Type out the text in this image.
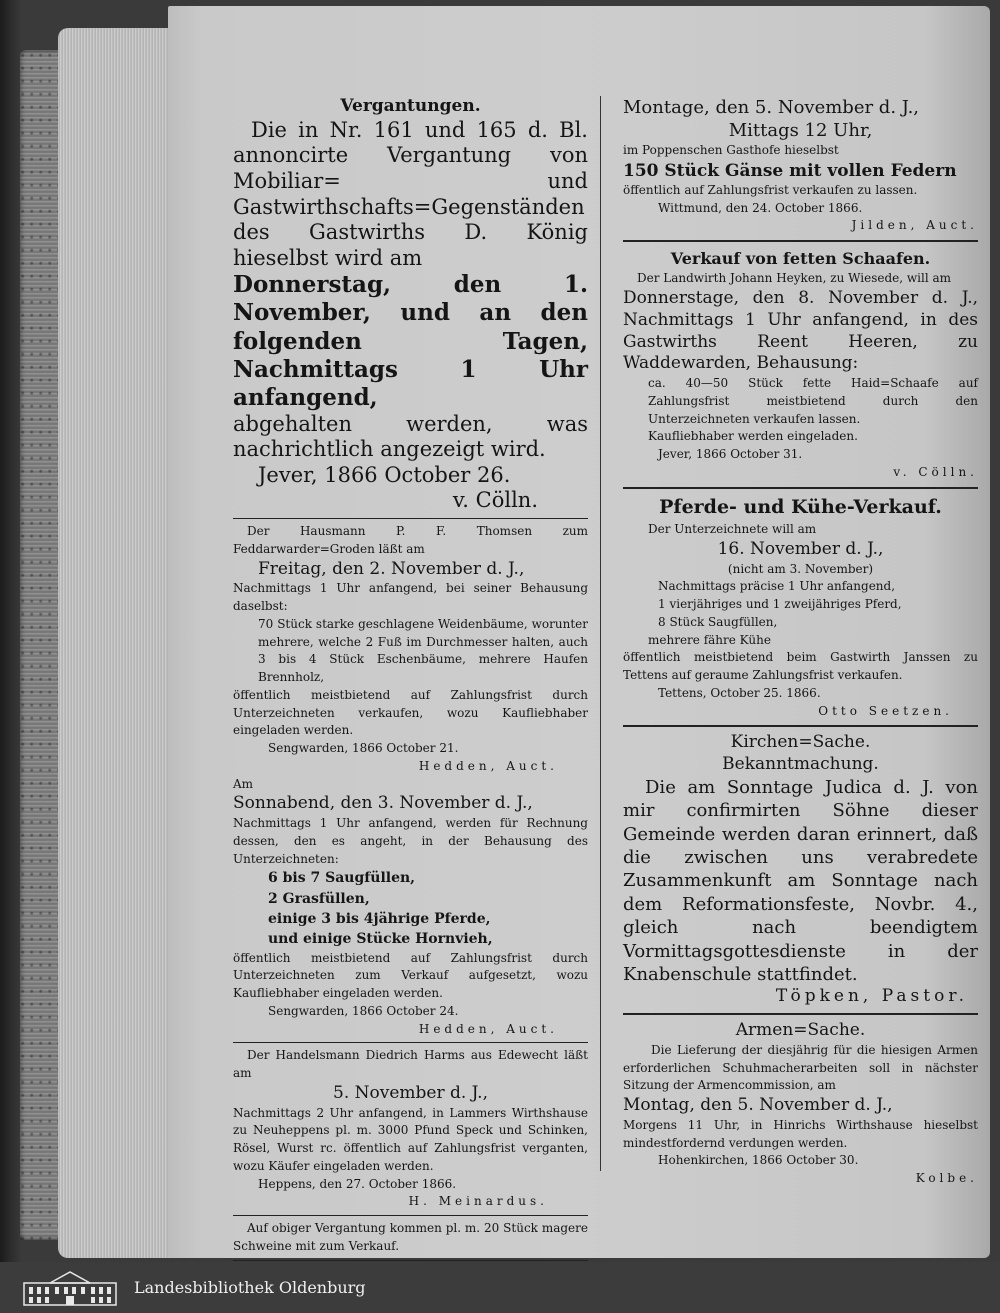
Vergantungen.

Die in Nr. 161 und 165 d. Bl. annoncirte Vergantung von Mobiliar= und Gastwirthschafts=Gegenständen des Gastwirths D. König hieselbst wird am

Donnerstag, den 1. November, und an den folgenden Tagen, Nachmittags 1 Uhr anfangend,

abgehalten werden, was nachrichtlich angezeigt wird.

Jever, 1866 October 26.

v. Cölln.

Der Hausmann P. F. Thomsen zum Feddarwarder=Groden läßt am

Freitag, den 2. November d. J.,

Nachmittags 1 Uhr anfangend, bei seiner Behausung daselbst:

70 Stück starke geschlagene Weidenbäume, worunter mehrere, welche 2 Fuß im Durchmesser halten, auch 3 bis 4 Stück Eschenbäume, mehrere Haufen Brennholz,

öffentlich meistbietend auf Zahlungsfrist durch Unterzeichneten verkaufen, wozu Kaufliebhaber eingeladen werden.

Sengwarden, 1866 October 21.

Hedden, Auct.

Am

Sonnabend, den 3. November d. J.,

Nachmittags 1 Uhr anfangend, werden für Rechnung dessen, den es angeht, in der Behausung des Unterzeichneten:

6 bis 7 Saugfüllen,

2 Grasfüllen,

einige 3 bis 4jährige Pferde,

und einige Stücke Hornvieh,

öffentlich meistbietend auf Zahlungsfrist durch Unterzeichneten zum Verkauf aufgesetzt, wozu Kaufliebhaber eingeladen werden.

Sengwarden, 1866 October 24.

Hedden, Auct.

Der Handelsmann Diedrich Harms aus Edewecht läßt am

5. November d. J.,

Nachmittags 2 Uhr anfangend, in Lammers Wirthshause zu Neuheppens pl. m. 3000 Pfund Speck und Schinken, Rösel, Wurst rc. öffentlich auf Zahlungsfrist verganten, wozu Käufer eingeladen werden.

Heppens, den 27. October 1866.

H. Meinardus.

Auf obiger Vergantung kommen pl. m. 20 Stück magere Schweine mit zum Verkauf.

Montage, den 5. November d. J.,

Mittags 12 Uhr,

im Poppenschen Gasthofe hieselbst

150 Stück Gänse mit vollen Federn

öffentlich auf Zahlungsfrist verkaufen zu lassen.

Wittmund, den 24. October 1866.

Jilden, Auct.

Verkauf von fetten Schaafen.

Der Landwirth Johann Heyken, zu Wiesede, will am

Donnerstage, den 8. November d. J., Nachmittags 1 Uhr anfangend, in des Gastwirths Reent Heeren, zu Waddewarden, Behausung:

ca. 40—50 Stück fette Haid=Schaafe auf Zahlungsfrist meistbietend durch den Unterzeichneten verkaufen lassen.

Kaufliebhaber werden eingeladen.

Jever, 1866 October 31.

v. Cölln.

Pferde- und Kühe-Verkauf.

Der Unterzeichnete will am

16. November d. J.,

(nicht am 3. November)

Nachmittags präcise 1 Uhr anfangend,

1 vierjähriges und 1 zweijähriges Pferd,

8 Stück Saugfüllen,

mehrere fähre Kühe

öffentlich meistbietend beim Gastwirth Janssen zu Tettens auf geraume Zahlungsfrist verkaufen.

Tettens, October 25. 1866.

Otto Seetzen.

Kirchen=Sache.

Bekanntmachung.

Die am Sonntage Judica d. J. von mir confirmirten Söhne dieser Gemeinde werden daran erinnert, daß die zwischen uns verabredete Zusammenkunft am Sonntage nach dem Reformationsfeste, Novbr. 4., gleich nach beendigtem Vormittagsgottesdienste in der Knabenschule stattfindet.

Töpken, Pastor.

Armen=Sache.

Die Lieferung der diesjährig für die hiesigen Armen erforderlichen Schuhmacherarbeiten soll in nächster Sitzung der Armencommission, am

Montag, den 5. November d. J.,

Morgens 11 Uhr, in Hinrichs Wirthshause hieselbst mindestfordernd verdungen werden.

Hohenkirchen, 1866 October 30.

Kolbe.

Landesbibliothek Oldenburg
